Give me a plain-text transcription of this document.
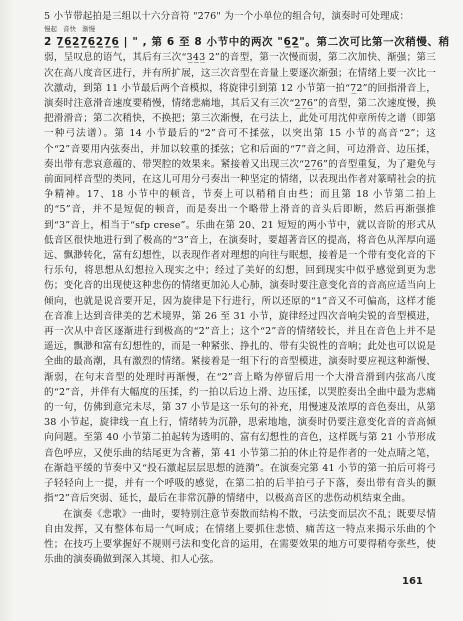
5 小节带起拍是三组以十六分音符 "2̇76" 为一个小单位的组合句，演奏时可处理成：
慢起 音快 渐慢
2̇ 7̲6̲2̲7̲6̲2̲7̲6̲ | " , 第 6 至 8 小节中的两次 "6̲2̲"。第二次可比第一次稍慢、稍

弱，呈叹息的语气，其后有三次“3̲4̲3̲ 2̇”的音型，第一次慢而弱，第二次加快、渐强；第三次在高八度音区进行，并有所扩展，这三次音型在音量上要逐次渐强；在情绪上要一次比一次激动，到第 11 小节最后两个音模拟，将旋律引到第 12 小节第一拍“7̲2̇”的回指滑音上，演奏时注意滑音速度要稍慢，情绪悲痛地，其后又有三次“2̲7̲6̲”的音型，第二次速度慢，换把滑滑音；第二次稍快，不换把；第三次渐慢，在弓法上，此处可用沈仲章所传之谱（即第一种弓法谱）。第 14 小节最后的“2̇”音可不揉弦，以突出第 15 小节的高音“2̇”；这个“2̇”音要用内弦奏出，并加以较重的揉弦；它和后面的“7”音之间，可边滑音、边压揉，奏出带有悲哀意蕴的、带哭腔的效果来。紧接着又出现三次“2̲7̲6̲”的音型重复，为了避免与前面同样音型的类同，在这儿可用分弓奏出一种坚定的情绪，以表现出作者对篆晴社会的抗争精神。17、18 小节中的顿音，节奏上可以稍稍自由些；而且第 18 小节第二拍上的“5”音，并不是短促的顿音，而是奏出一个略带上滑音的音头后即断，然后再渐强推到“3”音上，相当于“sfp crese”。乐曲在第 20、21 短短的两小节中，就以音阶的形式从低音区很快地进行到了极高的“3”音上，在演奏时，要超著音区的提高，将音色从浑厚向遥远、飘渺转化，富有幻想性，以表现作者对理想的向往与眠想，接着是一个带有变化音的下行乐句，将思想从幻想拉入现实之中；经过了美好的幻想，回到现实中似乎感觉到更为悲伤；变化音的出现使这种悲伤的情绪更加沁人心肺，演奏时要注意变化音的音高应适当向上倾向，也就是说音要开足，因为旋律是下行进行，所以还原的“1”音又不可偏高，这样才能在音准上达到音律美的艺术境界，第 26 至 31 小节，旋律经过四次音响尖锐的音型模进，再一次从中音区逐渐进行到极高的“2̇”音上；这个“2̇”音的情绪较长，并且在音色上并不是遥远，飘渺和富有幻想性的，而是一种紧张、挣扎的、带有尖锐性的音响；此处也可以说是全曲的最高潮，具有激烈的情绪。紧接着是一组下行的音型模进，演奏时要应视这种渐慢、渐弱，在句末音型的处理时再渐慢，在“2̇”音上略为停留后用一个大滑音滑到内弦高八度的“2̇”音，并伴有大幅度的压揉，约一拍以后边上滑、边压揉，以哭腔奏出全曲中最为悲痛的一句，仿佛到意完未尽，第 37 小节是这一乐句的补充，用慢速及浓厚的音色奏出，从第 38 小节起，旋律线一直上行，情绪转为沉静，思索地地，演奏时仍要注意变化音的音高倾向问题。至第 40 小节第二拍起转为透明的、富有幻想性的音色，这样既与第 21 小节形成音色呼应，又使乐曲的结尾更为含蓄，第 41 小节第二拍的休止符是作者的一处点睛之笔，在渐趋平缓的节奏中又“投石激起层层思想的涟漪”。在演奏完第 41 小节的第一拍后可将弓子轻轻向上一提，并有一个呼吸的感觉，在第二拍的后半拍弓子下落，奏出带有音头的颤指“2̇”音后突弱、延长，最后在非常沉静的情绪中，以极高音区的悲伤动机结束全曲。

在演奏《悲歌》一曲时，要特别注意节奏散而结构不散，弓法变而层次不乱；既要尽情自由发挥，又有整体布局一气呵成；在情绪上要抓住悲愤、痛苦这一特点来揭示乐曲的个性；在技巧上要掌握好不规则弓法和变化音的运用，在需要效果的地方可要得稍夸张些，使乐曲的演奏确做到深入其境、扣人心弦。

161
